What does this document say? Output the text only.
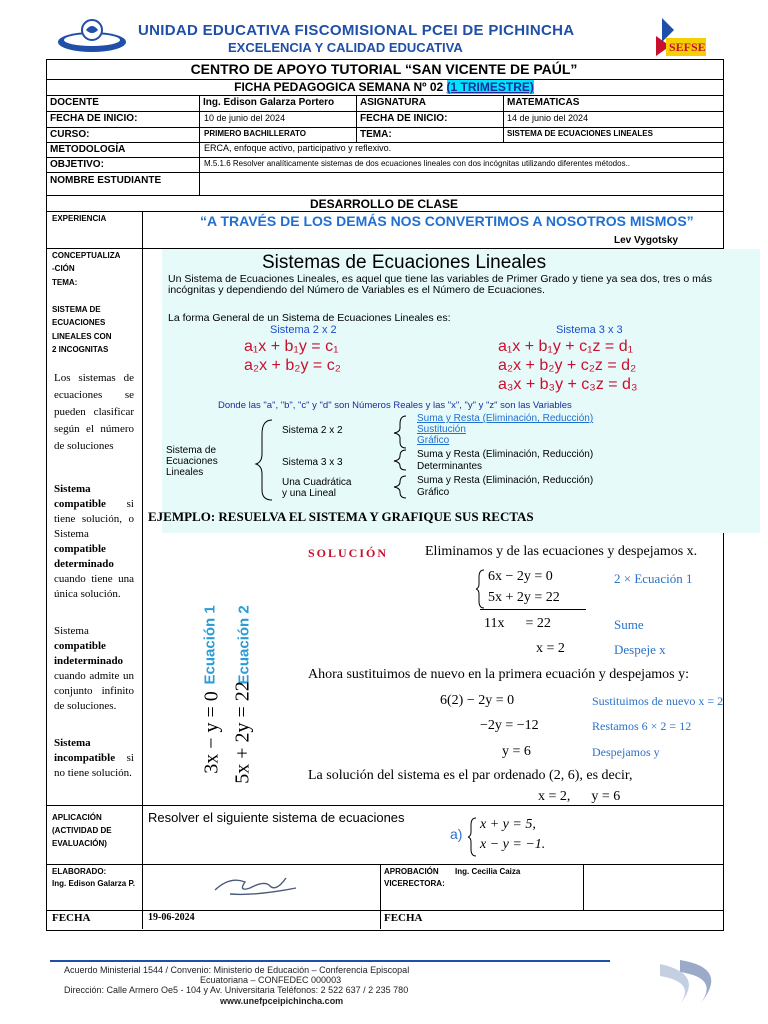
UNIDAD EDUCATIVA FISCOMISIONAL PCEI DE PICHINCHA
EXCELENCIA Y CALIDAD EDUCATIVA	SEFSE
CENTRO DE APOYO TUTORIAL “SAN VICENTE DE PAÚL”
FICHA PEDAGOGICA SEMANA Nº 02 (1 TRIMESTRE)
DOCENTE	Ing. Edison Galarza Portero	ASIGNATURA	MATEMATICAS
FECHA DE INICIO:	10 de junio del 2024	FECHA DE INICIO:	14 de junio del 2024
CURSO:	PRIMERO BACHILLERATO	TEMA:	SISTEMA DE ECUACIONES LINEALES
METODOLOGÍA	ERCA, enfoque activo, participativo y reflexivo.
OBJETIVO:	M.5.1.6 Resolver analíticamente sistemas de dos ecuaciones lineales con dos incógnitas utilizando diferentes métodos..
NOMBRE ESTUDIANTE
DESARROLLO DE CLASE
EXPERIENCIA	“A TRAVÉS DE LOS DEMÁS NOS CONVERTIMOS A NOSOTROS MISMOS”
Lev Vygotsky
CONCEPTUALIZA
-CIÓN
TEMA:
SISTEMA DE
ECUACIONES
LINEALES CON
2 INCOGNITAS
Los sistemas de ecuaciones se pueden clasificar según el número de soluciones
Sistema compatible si tiene solución, o Sistema compatible determinado cuando tiene una única solución.
Sistema compatible indeterminado cuando admite un conjunto infinito de soluciones.
Sistema incompatible si no tiene solución.
Sistemas de Ecuaciones Lineales
Un Sistema de Ecuaciones Lineales, es aquel que tiene las variables de Primer Grado y tiene ya sea dos, tres o más incógnitas y dependiendo del Número de Variables es el Número de Ecuaciones.
La forma General de un Sistema de Ecuaciones Lineales es:
Sistema 2 x 2	Sistema 3 x 3
a₁x + b₁y = c₁
a₂x + b₂y = c₂
a₁x + b₁y + c₁z = d₁
a₂x + b₂y + c₂z = d₂
a₃x + b₃y + c₃z = d₃
Donde las "a", "b", "c" y "d" son Números Reales y las "x", "y" y "z" son las Variables
Sistema de
Ecuaciones
Lineales
Sistema 2 x 2
Sistema 3 x 3
Una Cuadrática
y una Lineal
Suma y Resta (Eliminación, Reducción)
Sustitución
Gráfico
Suma y Resta (Eliminación, Reducción)
Determinantes
Suma y Resta (Eliminación, Reducción)
Gráfico
EJEMPLO: RESUELVA EL SISTEMA Y GRAFIQUE SUS RECTAS
Ecuación 1 Ecuación 2
3x − y = 0 5x + 2y = 22
SOLUCIÓN	Eliminamos y de las ecuaciones y despejamos x.
6x − 2y = 0	2 × Ecuación 1
5x + 2y = 22
11x      = 22	Sume
x = 2	Despeje x
Ahora sustituimos de nuevo en la primera ecuación y despejamos y:
6(2) − 2y = 0	Sustituimos de nuevo x = 2
−2y = −12	Restamos 6 × 2 = 12
y = 6	Despejamos y
La solución del sistema es el par ordenado (2, 6), es decir,
x = 2,      y = 6
APLICACIÓN
(ACTIVIDAD DE
EVALUACIÓN)
Resolver el siguiente sistema de ecuaciones
a)
x + y = 5,
x − y = −1.
ELABORADO:
Ing. Edison Galarza P.
APROBACIÓN Ing. Cecilia Caiza
VICERECTORA:
FECHA	19-06-2024	FECHA
Acuerdo Ministerial 1544 / Convenio: Ministerio de Educación – Conferencia Episcopal
Ecuatoriana – CONFEDEC 000003
Dirección: Calle Armero Oe5 - 104 y Av. Universitaria Teléfonos: 2 522 637 / 2 235 780
www.unefpceipichincha.com
